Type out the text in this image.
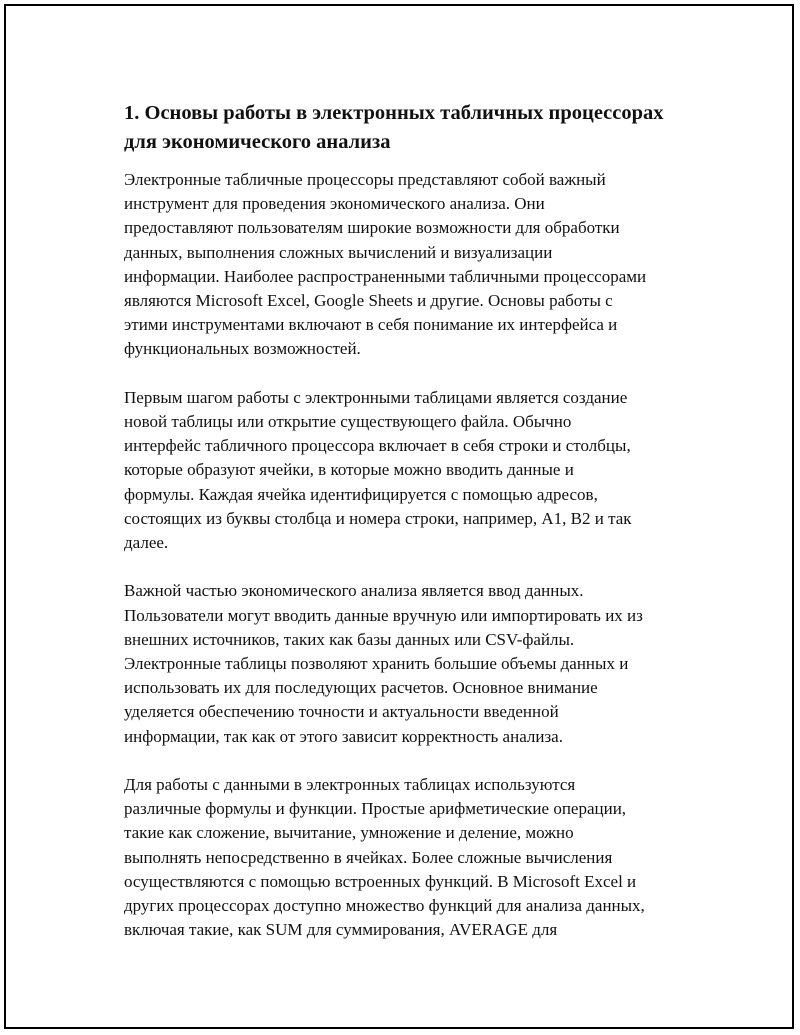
1. Основы работы в электронных табличных процессорах
для экономического анализа

Электронные табличные процессоры представляют собой важный
инструмент для проведения экономического анализа. Они
предоставляют пользователям широкие возможности для обработки
данных, выполнения сложных вычислений и визуализации
информации. Наиболее распространенными табличными процессорами
являются Microsoft Excel, Google Sheets и другие. Основы работы с
этими инструментами включают в себя понимание их интерфейса и
функциональных возможностей.

Первым шагом работы с электронными таблицами является создание
новой таблицы или открытие существующего файла. Обычно
интерфейс табличного процессора включает в себя строки и столбцы,
которые образуют ячейки, в которые можно вводить данные и
формулы. Каждая ячейка идентифицируется с помощью адресов,
состоящих из буквы столбца и номера строки, например, A1, B2 и так
далее.

Важной частью экономического анализа является ввод данных.
Пользователи могут вводить данные вручную или импортировать их из
внешних источников, таких как базы данных или CSV-файлы.
Электронные таблицы позволяют хранить большие объемы данных и
использовать их для последующих расчетов. Основное внимание
уделяется обеспечению точности и актуальности введенной
информации, так как от этого зависит корректность анализа.

Для работы с данными в электронных таблицах используются
различные формулы и функции. Простые арифметические операции,
такие как сложение, вычитание, умножение и деление, можно
выполнять непосредственно в ячейках. Более сложные вычисления
осуществляются с помощью встроенных функций. В Microsoft Excel и
других процессорах доступно множество функций для анализа данных,
включая такие, как SUM для суммирования, AVERAGE для
